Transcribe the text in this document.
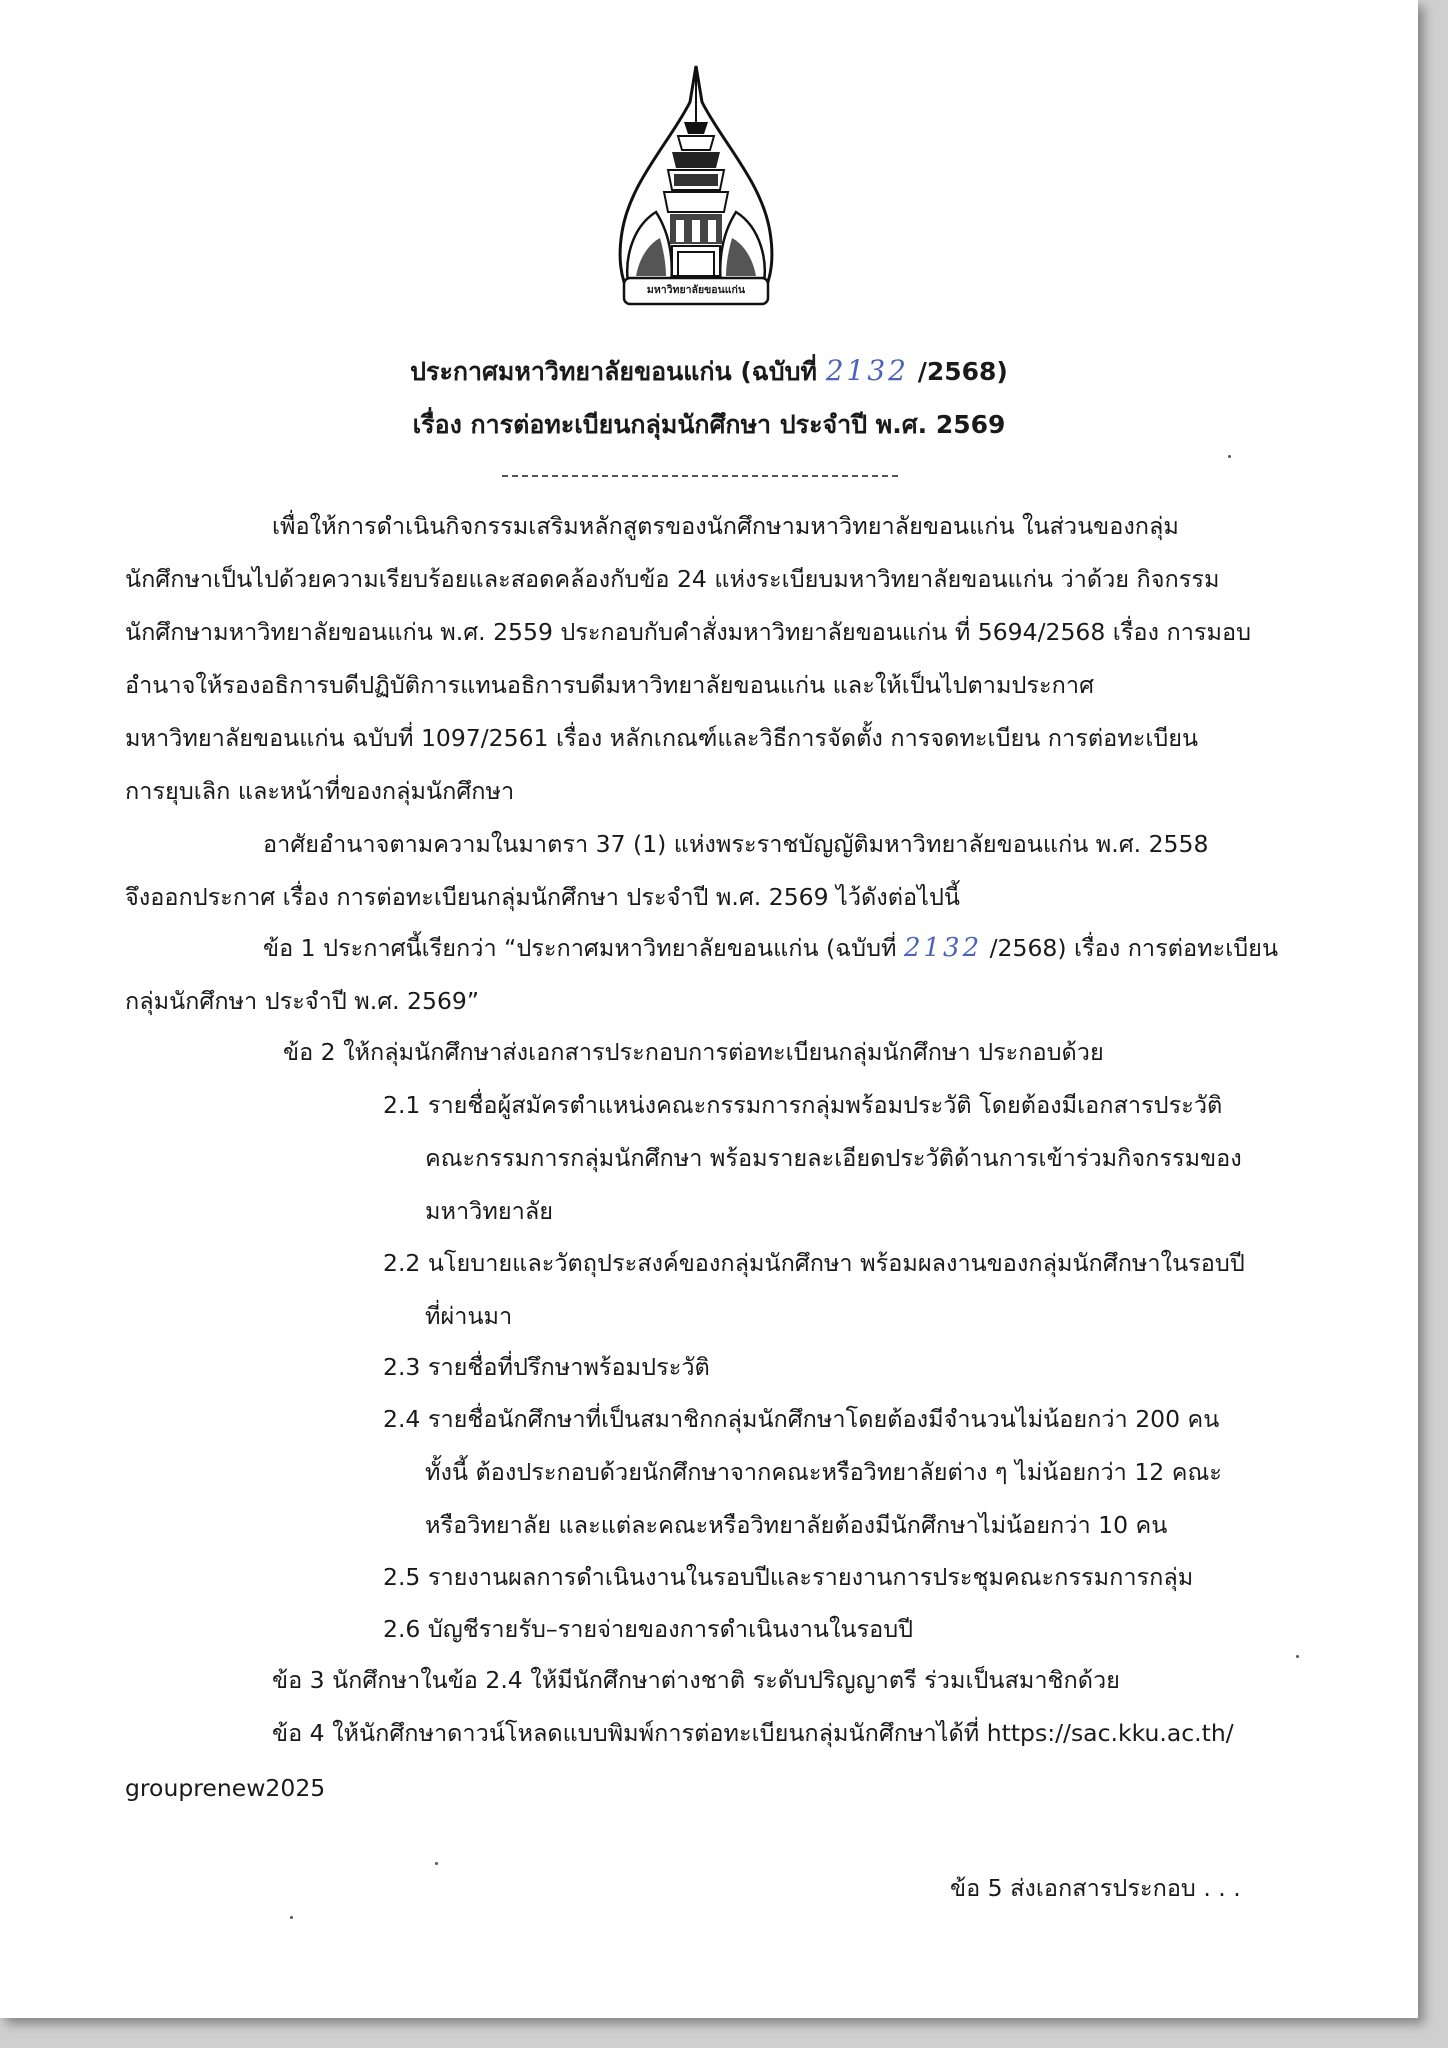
มหาวิทยาลัยขอนแก่น
ประกาศมหาวิทยาลัยขอนแก่น (ฉบับที่ 2132 /2568)
เรื่อง การต่อทะเบียนกลุ่มนักศึกษา ประจำปี พ.ศ. 2569
เพื่อให้การดำเนินกิจกรรมเสริมหลักสูตรของนักศึกษามหาวิทยาลัยขอนแก่น ในส่วนของกลุ่ม
นักศึกษาเป็นไปด้วยความเรียบร้อยและสอดคล้องกับข้อ 24 แห่งระเบียบมหาวิทยาลัยขอนแก่น ว่าด้วย กิจกรรม
นักศึกษามหาวิทยาลัยขอนแก่น พ.ศ. 2559 ประกอบกับคำสั่งมหาวิทยาลัยขอนแก่น ที่ 5694/2568 เรื่อง การมอบ
อำนาจให้รองอธิการบดีปฏิบัติการแทนอธิการบดีมหาวิทยาลัยขอนแก่น และให้เป็นไปตามประกาศ
มหาวิทยาลัยขอนแก่น ฉบับที่ 1097/2561 เรื่อง หลักเกณฑ์และวิธีการจัดตั้ง การจดทะเบียน การต่อทะเบียน
การยุบเลิก และหน้าที่ของกลุ่มนักศึกษา
อาศัยอำนาจตามความในมาตรา 37 (1) แห่งพระราชบัญญัติมหาวิทยาลัยขอนแก่น พ.ศ. 2558
จึงออกประกาศ เรื่อง การต่อทะเบียนกลุ่มนักศึกษา ประจำปี พ.ศ. 2569 ไว้ดังต่อไปนี้
ข้อ 1 ประกาศนี้เรียกว่า “ประกาศมหาวิทยาลัยขอนแก่น (ฉบับที่ 2132 /2568) เรื่อง การต่อทะเบียน
กลุ่มนักศึกษา ประจำปี พ.ศ. 2569”
ข้อ 2 ให้กลุ่มนักศึกษาส่งเอกสารประกอบการต่อทะเบียนกลุ่มนักศึกษา ประกอบด้วย
2.1 รายชื่อผู้สมัครตำแหน่งคณะกรรมการกลุ่มพร้อมประวัติ โดยต้องมีเอกสารประวัติ
คณะกรรมการกลุ่มนักศึกษา พร้อมรายละเอียดประวัติด้านการเข้าร่วมกิจกรรมของ
มหาวิทยาลัย
2.2 นโยบายและวัตถุประสงค์ของกลุ่มนักศึกษา พร้อมผลงานของกลุ่มนักศึกษาในรอบปี
ที่ผ่านมา
2.3 รายชื่อที่ปรึกษาพร้อมประวัติ
2.4 รายชื่อนักศึกษาที่เป็นสมาชิกกลุ่มนักศึกษาโดยต้องมีจำนวนไม่น้อยกว่า 200 คน
ทั้งนี้ ต้องประกอบด้วยนักศึกษาจากคณะหรือวิทยาลัยต่าง ๆ ไม่น้อยกว่า 12 คณะ
หรือวิทยาลัย และแต่ละคณะหรือวิทยาลัยต้องมีนักศึกษาไม่น้อยกว่า 10 คน
2.5 รายงานผลการดำเนินงานในรอบปีและรายงานการประชุมคณะกรรมการกลุ่ม
2.6 บัญชีรายรับ–รายจ่ายของการดำเนินงานในรอบปี
ข้อ 3 นักศึกษาในข้อ 2.4 ให้มีนักศึกษาต่างชาติ ระดับปริญญาตรี ร่วมเป็นสมาชิกด้วย
ข้อ 4 ให้นักศึกษาดาวน์โหลดแบบพิมพ์การต่อทะเบียนกลุ่มนักศึกษาได้ที่ https://sac.kku.ac.th/
grouprenew2025
ข้อ 5 ส่งเอกสารประกอบ . . .
